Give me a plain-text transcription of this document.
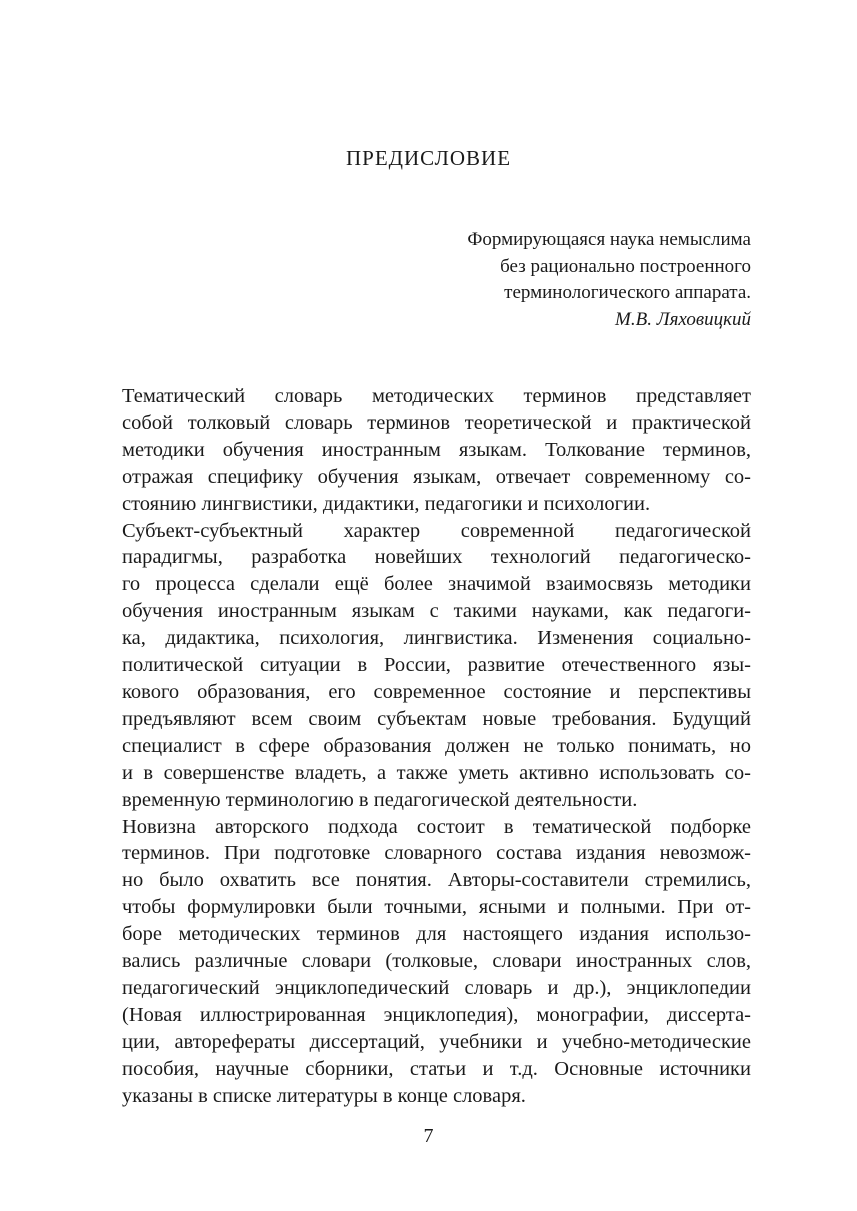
ПРЕДИСЛОВИЕ
Формирующаяся наука немыслима
без рационально построенного
терминологического аппарата.
М.В. Ляховицкий

Тематический словарь методических терминов представляет
собой толковый словарь терминов теоретической и практической
методики обучения иностранным языкам. Толкование терминов,
отражая специфику обучения языкам, отвечает современному со-
стоянию лингвистики, дидактики, педагогики и психологии.

Субъект-субъектный характер современной педагогической
парадигмы, разработка новейших технологий педагогическо-
го процесса сделали ещё более значимой взаимосвязь методики
обучения иностранным языкам с такими науками, как педагоги-
ка, дидактика, психология, лингвистика. Изменения социально-
политической ситуации в России, развитие отечественного язы-
кового образования, его современное состояние и перспективы
предъявляют всем своим субъектам новые требования. Будущий
специалист в сфере образования должен не только понимать, но
и в совершенстве владеть, а также уметь активно использовать со-
временную терминологию в педагогической деятельности.

Новизна авторского подхода состоит в тематической подборке
терминов. При подготовке словарного состава издания невозмож-
но было охватить все понятия. Авторы-составители стремились,
чтобы формулировки были точными, ясными и полными. При от-
боре методических терминов для настоящего издания использо-
вались различные словари (толковые, словари иностранных слов,
педагогический энциклопедический словарь и др.), энциклопедии
(Новая иллюстрированная энциклопедия), монографии, диссерта-
ции, авторефераты диссертаций, учебники и учебно-методические
пособия, научные сборники, статьи и т.д. Основные источники
указаны в списке литературы в конце словаря.

7
